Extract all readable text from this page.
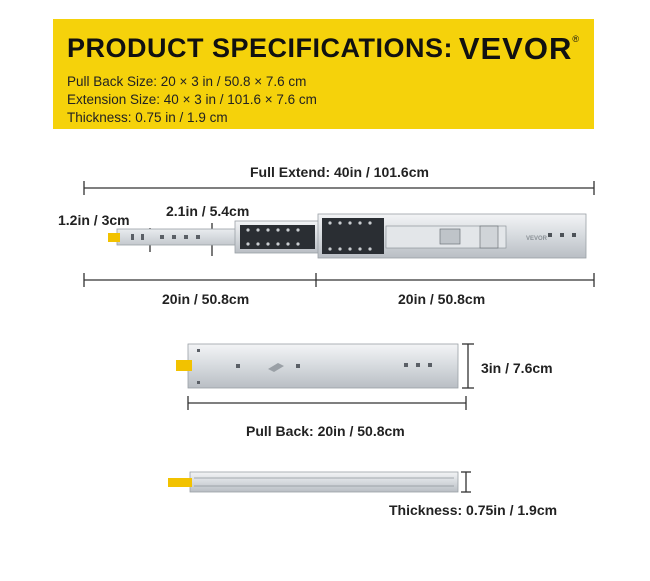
PRODUCT SPECIFICATIONS: VEVOR®
Pull Back Size: 20 × 3 in / 50.8 × 7.6 cm
Extension Size: 40 × 3 in / 101.6 × 7.6 cm
Thickness: 0.75 in / 1.9 cm
VEVOR
Full Extend: 40in / 101.6cm
1.2in / 3cm
2.1in / 5.4cm
20in / 50.8cm	20in / 50.8cm
3in / 7.6cm
Pull Back: 20in / 50.8cm
Thickness: 0.75in / 1.9cm
